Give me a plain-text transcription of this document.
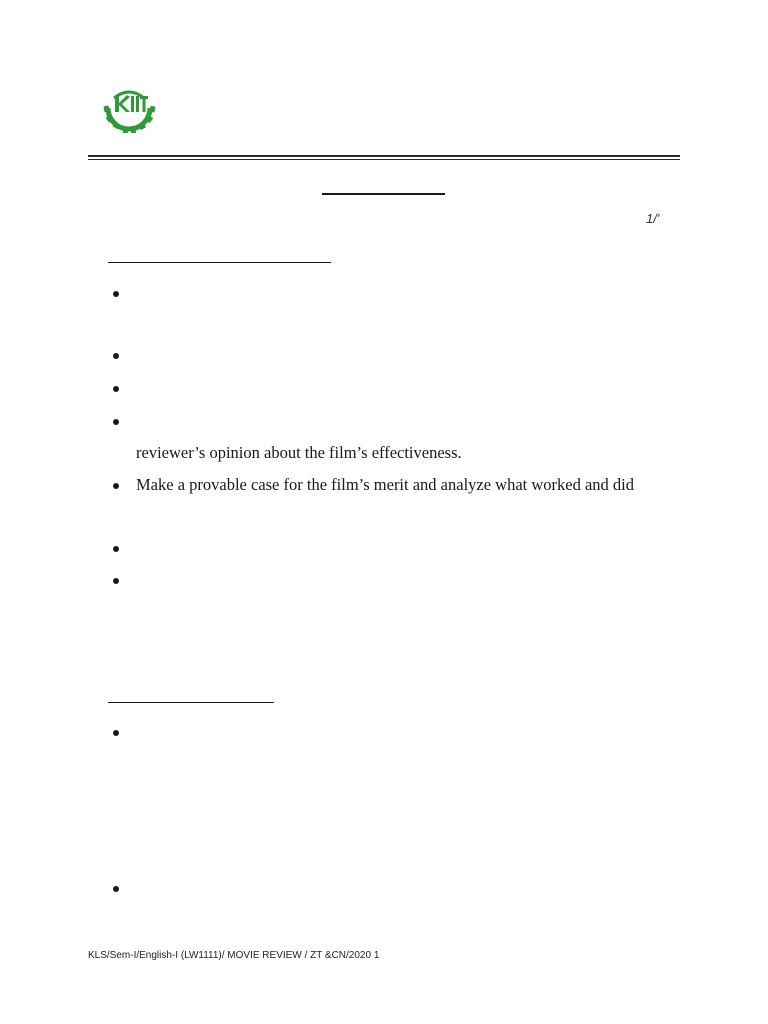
1/'
reviewer’s opinion about the film’s effectiveness.
Make a provable case for the film’s merit and analyze what worked and did
KLS/Sem-I/English-I (LW1111)/ MOVIE REVIEW / ZT &CN/2020 1
